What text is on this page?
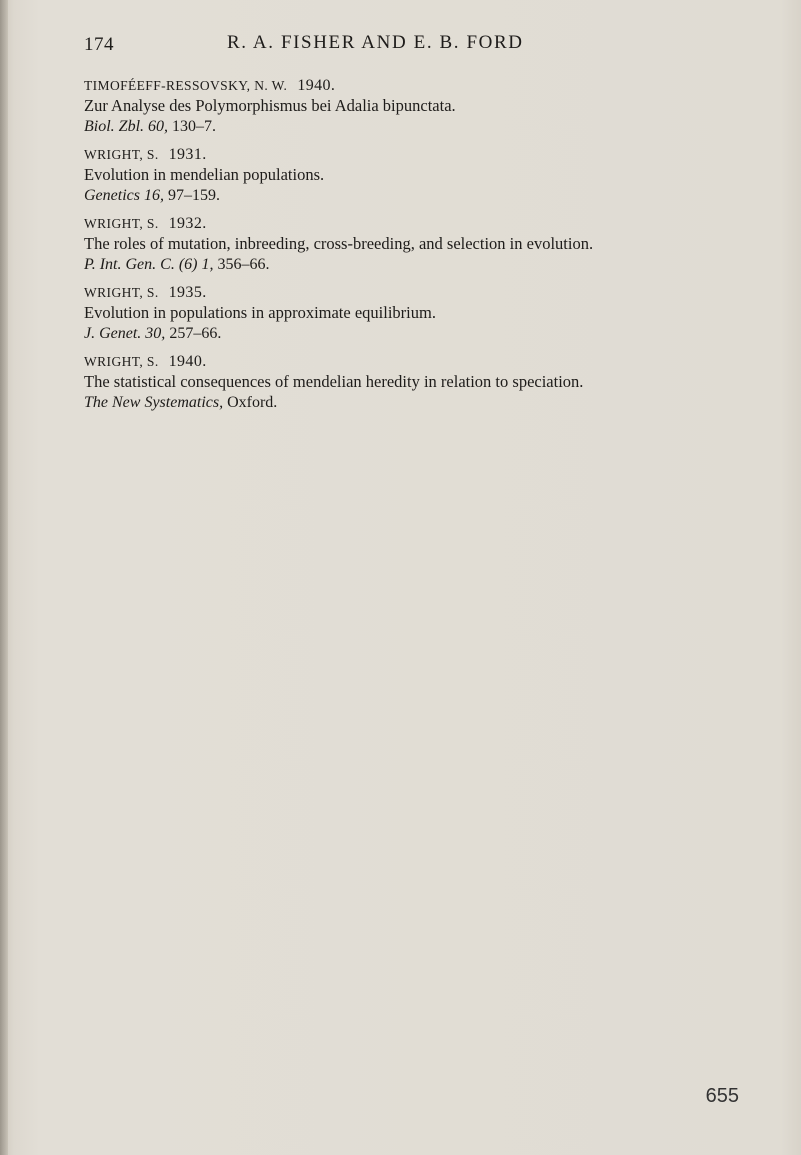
174	R. A. FISHER AND E. B. FORD
TIMOFÉEFF-RESSOVSKY, N. W. 1940.
Zur Analyse des Polymorphismus bei Adalia bipunctata.
Biol. Zbl. 60, 130–7.
WRIGHT, S. 1931.
Evolution in mendelian populations.
Genetics 16, 97–159.
WRIGHT, S. 1932.
The roles of mutation, inbreeding, cross-breeding, and selection in evolution.
P. Int. Gen. C. (6) 1, 356–66.
WRIGHT, S. 1935.
Evolution in populations in approximate equilibrium.
J. Genet. 30, 257–66.
WRIGHT, S. 1940.
The statistical consequences of mendelian heredity in relation to speciation.
The New Systematics, Oxford.
655
